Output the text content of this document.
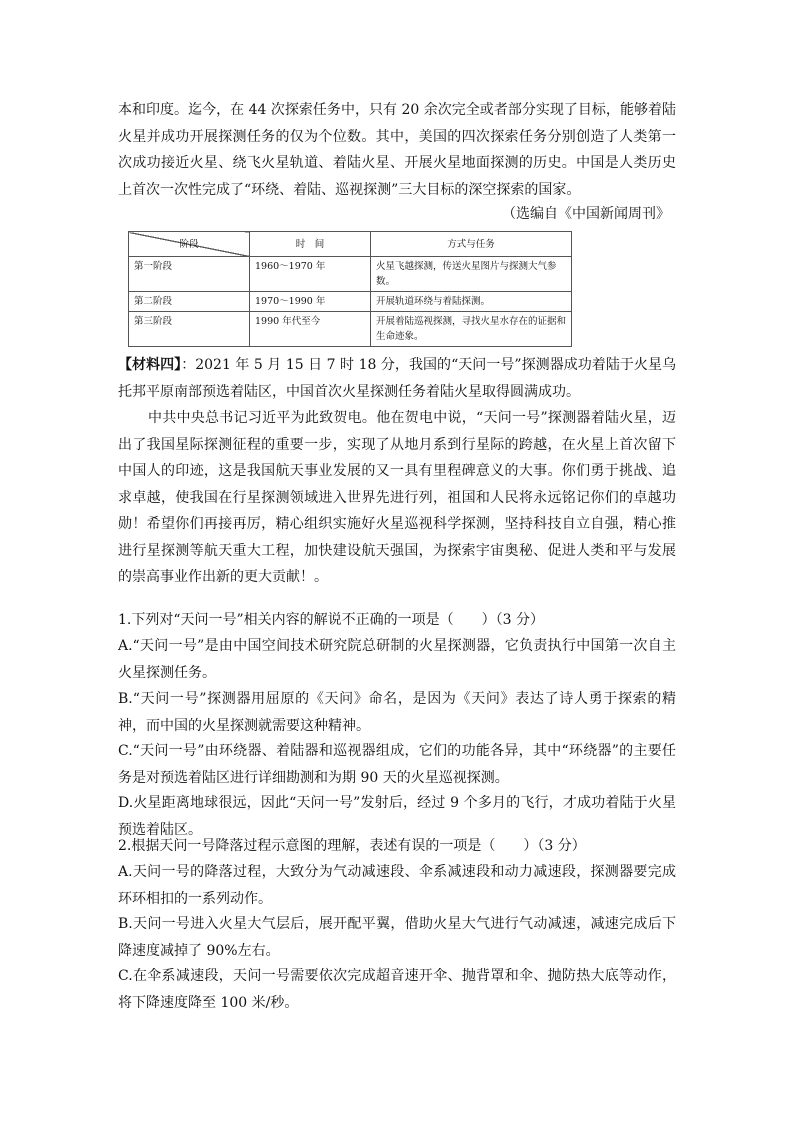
本和印度。迄今，在 44 次探索任务中，只有 20 余次完全或者部分实现了目标，能够着陆火星并成功开展探测任务的仅为个位数。其中，美国的四次探索任务分别创造了人类第一次成功接近火星、绕飞火星轨道、着陆火星、开展火星地面探测的历史。中国是人类历史上首次一次性完成了“环绕、着陆、巡视探测”三大目标的深空探索的国家。

（选编自《中国新闻周刊》
阶段	时　间	方式与任务
第一阶段	1960～1970 年	火星飞越探测，传送火星图片与探测大气参数。
第二阶段	1970～1990 年	开展轨道环绕与着陆探测。
第三阶段	1990 年代至今	开展着陆巡视探测，寻找火星水存在的证据和生命迹象。

【材料四】：2021 年 5 月 15 日 7 时 18 分，我国的“天问一号”探测器成功着陆于火星乌托邦平原南部预选着陆区，中国首次火星探测任务着陆火星取得圆满成功。

中共中央总书记习近平为此致贺电。他在贺电中说，“天问一号”探测器着陆火星，迈出了我国星际探测征程的重要一步，实现了从地月系到行星际的跨越，在火星上首次留下中国人的印迹，这是我国航天事业发展的又一具有里程碑意义的大事。你们勇于挑战、追求卓越，使我国在行星探测领域进入世界先进行列，祖国和人民将永远铭记你们的卓越功勋！希望你们再接再厉，精心组织实施好火星巡视科学探测，坚持科技自立自强，精心推进行星探测等航天重大工程，加快建设航天强国，为探索宇宙奥秘、促进人类和平与发展的崇高事业作出新的更大贡献！。

1.下列对“天问一号”相关内容的解说不正确的一项是（　　）（3 分）

A.“天问一号”是由中国空间技术研究院总研制的火星探测器，它负责执行中国第一次自主火星探测任务。

B.“天问一号”探测器用屈原的《天问》命名，是因为《天问》表达了诗人勇于探索的精神，而中国的火星探测就需要这种精神。

C.“天问一号”由环绕器、着陆器和巡视器组成，它们的功能各异，其中“环绕器”的主要任务是对预选着陆区进行详细勘测和为期 90 天的火星巡视探测。

D.火星距离地球很远，因此“天问一号”发射后，经过 9 个多月的飞行，才成功着陆于火星预选着陆区。

2.根据天问一号降落过程示意图的理解，表述有误的一项是（　　）（3 分）

A.天问一号的降落过程，大致分为气动减速段、伞系减速段和动力减速段，探测器要完成环环相扣的一系列动作。

B.天问一号进入火星大气层后，展开配平翼，借助火星大气进行气动减速，减速完成后下降速度减掉了 90%左右。

C.在伞系减速段，天问一号需要依次完成超音速开伞、抛背罩和伞、抛防热大底等动作，将下降速度降至 100 米/秒。
